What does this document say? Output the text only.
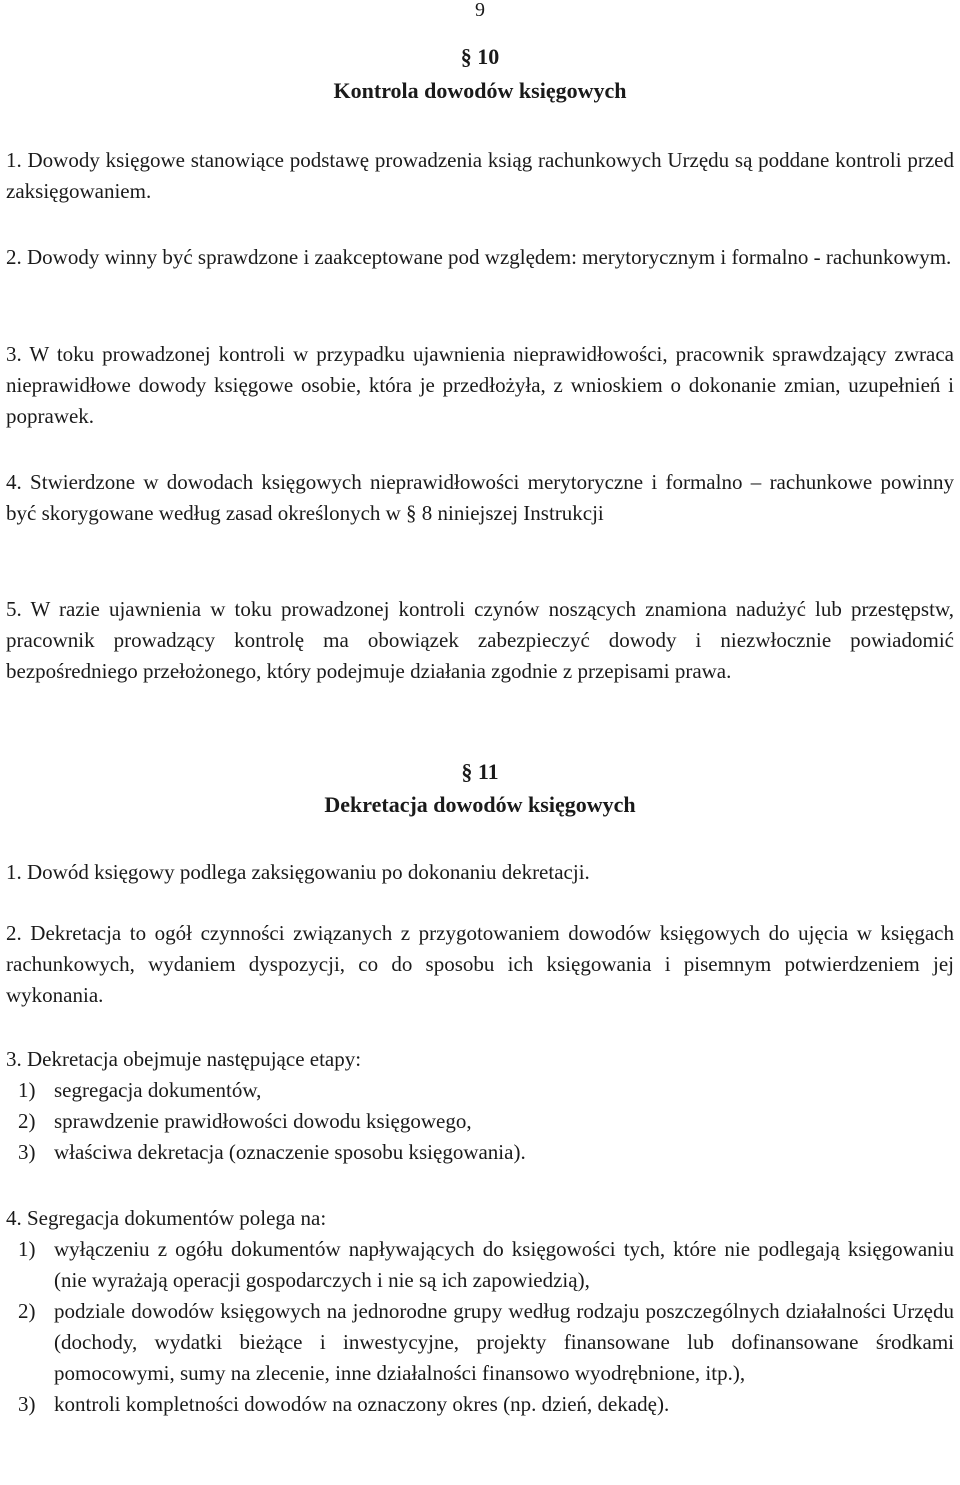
9
§ 10
Kontrola dowodów księgowych
1. Dowody księgowe stanowiące podstawę prowadzenia ksiąg rachunkowych Urzędu są poddane kontroli przed zaksięgowaniem.
2. Dowody winny być sprawdzone i zaakceptowane pod względem: merytorycznym i formalno - rachunkowym.
3. W toku prowadzonej kontroli w przypadku ujawnienia nieprawidłowości, pracownik sprawdzający zwraca nieprawidłowe dowody księgowe osobie, która je przedłożyła, z wnioskiem o dokonanie zmian, uzupełnień i poprawek.
4. Stwierdzone w dowodach księgowych nieprawidłowości merytoryczne i formalno – rachunkowe powinny być skorygowane według zasad określonych w § 8 niniejszej Instrukcji
5. W razie ujawnienia w toku prowadzonej kontroli czynów noszących znamiona nadużyć lub przestępstw, pracownik prowadzący kontrolę ma obowiązek zabezpieczyć dowody i niezwłocznie powiadomić bezpośredniego przełożonego, który podejmuje działania zgodnie z przepisami prawa.
§ 11
Dekretacja dowodów księgowych
1. Dowód księgowy podlega zaksięgowaniu po dokonaniu dekretacji.
2. Dekretacja to ogół czynności związanych z przygotowaniem dowodów księgowych do ujęcia w księgach rachunkowych, wydaniem dyspozycji, co do sposobu ich księgowania i pisemnym potwierdzeniem jej wykonania.
3. Dekretacja obejmuje następujące etapy:
1) segregacja dokumentów,
2) sprawdzenie prawidłowości dowodu księgowego,
3) właściwa dekretacja (oznaczenie sposobu księgowania).
4. Segregacja dokumentów polega na:
1) wyłączeniu z ogółu dokumentów napływających do księgowości tych, które nie podlegają księgowaniu (nie wyrażają operacji gospodarczych i nie są ich zapowiedzią),
2) podziale dowodów księgowych na jednorodne grupy według rodzaju poszczególnych działalności Urzędu (dochody, wydatki bieżące i inwestycyjne, projekty finansowane lub dofinansowane środkami pomocowymi, sumy na zlecenie, inne działalności finansowo wyodrębnione, itp.),
3) kontroli kompletności dowodów na oznaczony okres (np. dzień, dekadę).
